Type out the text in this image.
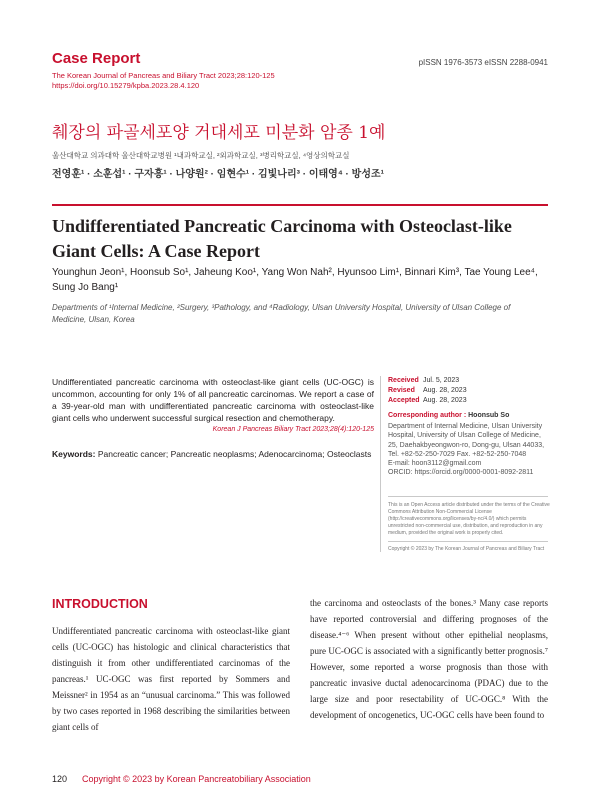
Case Report	pISSN 1976-3573 eISSN 2288-0941
The Korean Journal of Pancreas and Biliary Tract 2023;28:120-125
https://doi.org/10.15279/kpba.2023.28.4.120
췌장의 파골세포양 거대세포 미분화 암종 1예
울산대학교 의과대학 울산대학교병원 ¹내과학교실, ²외과학교실, ³병리학교실, ⁴영상의학교실
전영훈¹ · 소훈섭¹ · 구자흥¹ · 나양원² · 임현수¹ · 김빛나리³ · 이태영⁴ · 방성조¹
Undifferentiated Pancreatic Carcinoma with Osteoclast-like Giant Cells: A Case Report
Younghun Jeon¹, Hoonsub So¹, Jaheung Koo¹, Yang Won Nah², Hyunsoo Lim¹, Binnari Kim³, Tae Young Lee⁴, Sung Jo Bang¹
Departments of ¹Internal Medicine, ²Surgery, ³Pathology, and ⁴Radiology, Ulsan University Hospital, University of Ulsan College of Medicine, Ulsan, Korea
Undifferentiated pancreatic carcinoma with osteoclast-like giant cells (UC-OGC) is uncommon, accounting for only 1% of all pancreatic carcinomas. We report a case of a 39-year-old man with undifferentiated pancreatic carcinoma with osteoclast-like giant cells who underwent successful surgical resection and chemotherapy.
Korean J Pancreas Biliary Tract 2023;28(4):120-125
Keywords: Pancreatic cancer; Pancreatic neoplasms; Adenocarcinoma; Osteoclasts
Received Jul. 5, 2023
Revised Aug. 28, 2023
Accepted Aug. 28, 2023
Corresponding author : Hoonsub So
Department of Internal Medicine, Ulsan University
Hospital, University of Ulsan College of Medicine,
25, Daehakbyeongwon-ro, Dong-gu, Ulsan 44033,
Tel. +82-52-250-7029 Fax. +82-52-250-7048
E-mail: hoon3112@gmail.com
ORCID: https://orcid.org/0000-0001-8092-2811
This is an Open Access article distributed under the terms of the Creative Commons Attribution Non-Commercial License (http://creativecommons.org/licenses/by-nc/4.0/) which permits unrestricted non-commercial use, distribution, and reproduction in any medium, provided the original work is properly cited.
Copyright © 2023 by The Korean Journal of Pancreas and Biliary Tract
INTRODUCTION
Undifferentiated pancreatic carcinoma with osteoclast-like giant cells (UC-OGC) has histologic and clinical characteristics that distinguish it from other undifferentiated carcinomas of the pancreas.¹ UC-OGC was first reported by Sommers and Meissner² in 1954 as an “unusual carcinoma.” This was followed by two cases reported in 1968 describing the similarities between giant cells of
the carcinoma and osteoclasts of the bones.³ Many case reports have reported controversial and differing prognoses of the disease.⁴⁻⁶ When present without other epithelial neoplasms, pure UC-OGC is associated with a significantly better prognosis.⁷ However, some reported a worse prognosis than those with pancreatic invasive ductal adenocarcinoma (PDAC) due to the large size and poor resectability of UC-OGC.⁸ With the development of oncogenetics, UC-OGC cells have been found to
120 Copyright © 2023 by Korean Pancreatobiliary Association
